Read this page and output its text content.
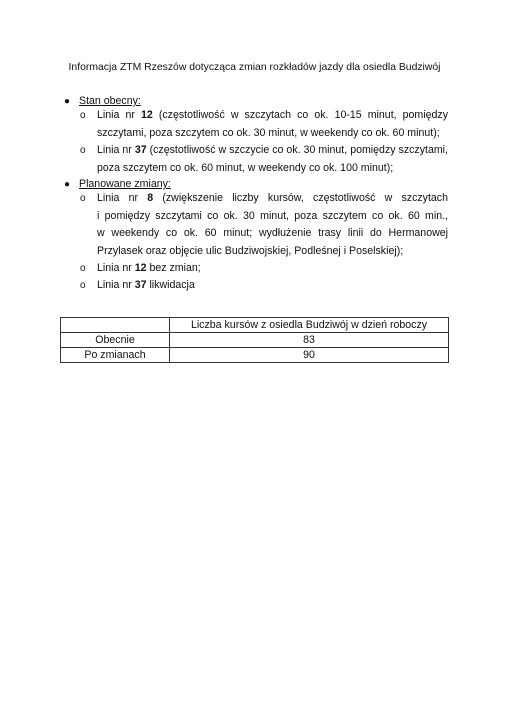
Informacja ZTM Rzeszów dotycząca zmian rozkładów jazdy dla osiedla Budziwój
● Stan obecny:
o Linia nr 12 (częstotliwość w szczytach co ok. 10-15 minut, pomiędzy
szczytami, poza szczytem co ok. 30 minut, w weekendy co ok. 60 minut);
o Linia nr 37 (częstotliwość w szczycie co ok. 30 minut, pomiędzy szczytami,
poza szczytem co ok. 60 minut, w weekendy co ok. 100 minut);
● Planowane zmiany:
o Linia nr 8 (zwiększenie liczby kursów, częstotliwość w szczytach
i pomiędzy szczytami co ok. 30 minut, poza szczytem co ok. 60 min.,
w weekendy co ok. 60 minut; wydłużenie trasy linii do Hermanowej
Przylasek oraz objęcie ulic Budziwojskiej, Podleśnej i Poselskiej);
o Linia nr 12 bez zmian;
o Linia nr 37 likwidacja
	Liczba kursów z osiedla Budziwój w dzień roboczy
Obecnie	83
Po zmianach	90
